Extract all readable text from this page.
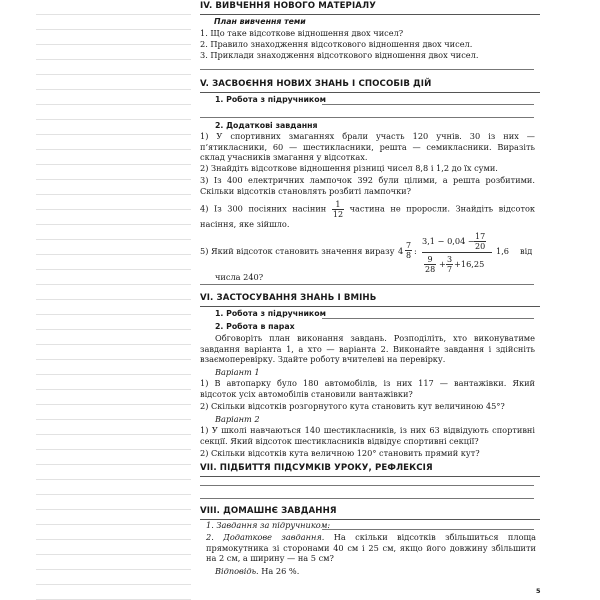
IV. ВИВЧЕННЯ НОВОГО МАТЕРІАЛУ
План вивчення теми
1. Що таке відсоткове відношення двох чисел?
2. Правило знаходження відсоткового відношення двох чисел.
3. Приклади знаходження відсоткового відношення двох чисел.
V. ЗАСВОЄННЯ НОВИХ ЗНАНЬ І СПОСОБІВ ДІЙ
1. Робота з підручником
2. Додаткові завдання
1) У спортивних змаганнях брали участь 120 учнів. 30 із них — п’ятикласники, 60 — шестикласники, решта — семикласники. Виразіть склад учасників змагання у відсотках.
2) Знайдіть відсоткове відношення різниці чисел 8,8 і 1,2 до їх суми.
3) Із 400 електричних лампочок 392 були цілими, а решта розбитими. Скільки відсотків становлять розбиті лампочки?
4) Із 300 посіяних насінин $\frac{1}{12}$ частина не проросли. Знайдіть відсоток насіння, яке зійшло.
5) Який відсоток становить значення виразу $4 \frac{7}{8}$ :
$3,1 - 0,04 - \frac{17}{20}$
$\frac{9}{28} + \frac{3}{7} +16,25$
1,6 від
числа 240?
VI. ЗАСТОСУВАННЯ ЗНАНЬ І ВМІНЬ
1. Робота з підручником
2. Робота в парах
Обговоріть план виконання завдань. Розподіліть, хто виконуватиме завдання варіанта 1, а хто — варіанта 2. Виконайте завдання і здійсніть взаємоперевірку. Здайте роботу вчителеві на перевірку.
Варіант 1
1) В автопарку було 180 автомобілів, із них 117 — вантажівки. Який відсоток усіх автомобілів становили вантажівки?
2) Скільки відсотків розгорнутого кута становить кут величиною 45°?
Варіант 2
1) У школі навчаються 140 шестикласників, із них 63 відвідують спортивні секції. Який відсоток шестикласників відвідує спортивні секції?
2) Скільки відсотків кута величною 120° становить прямий кут?
VII. ПІДБИТТЯ ПІДСУМКІВ УРОКУ, РЕФЛЕКСІЯ
VIII. ДОМАШНЄ ЗАВДАННЯ
1. Завдання за підручником:
2. Додаткове завдання. На скільки відсотків збільшиться площа прямокутника зі сторонами 40 см і 25 см, якщо його довжину збільшити на 2 см, а ширину — на 5 см?
Відповідь. На 26 %.
5
